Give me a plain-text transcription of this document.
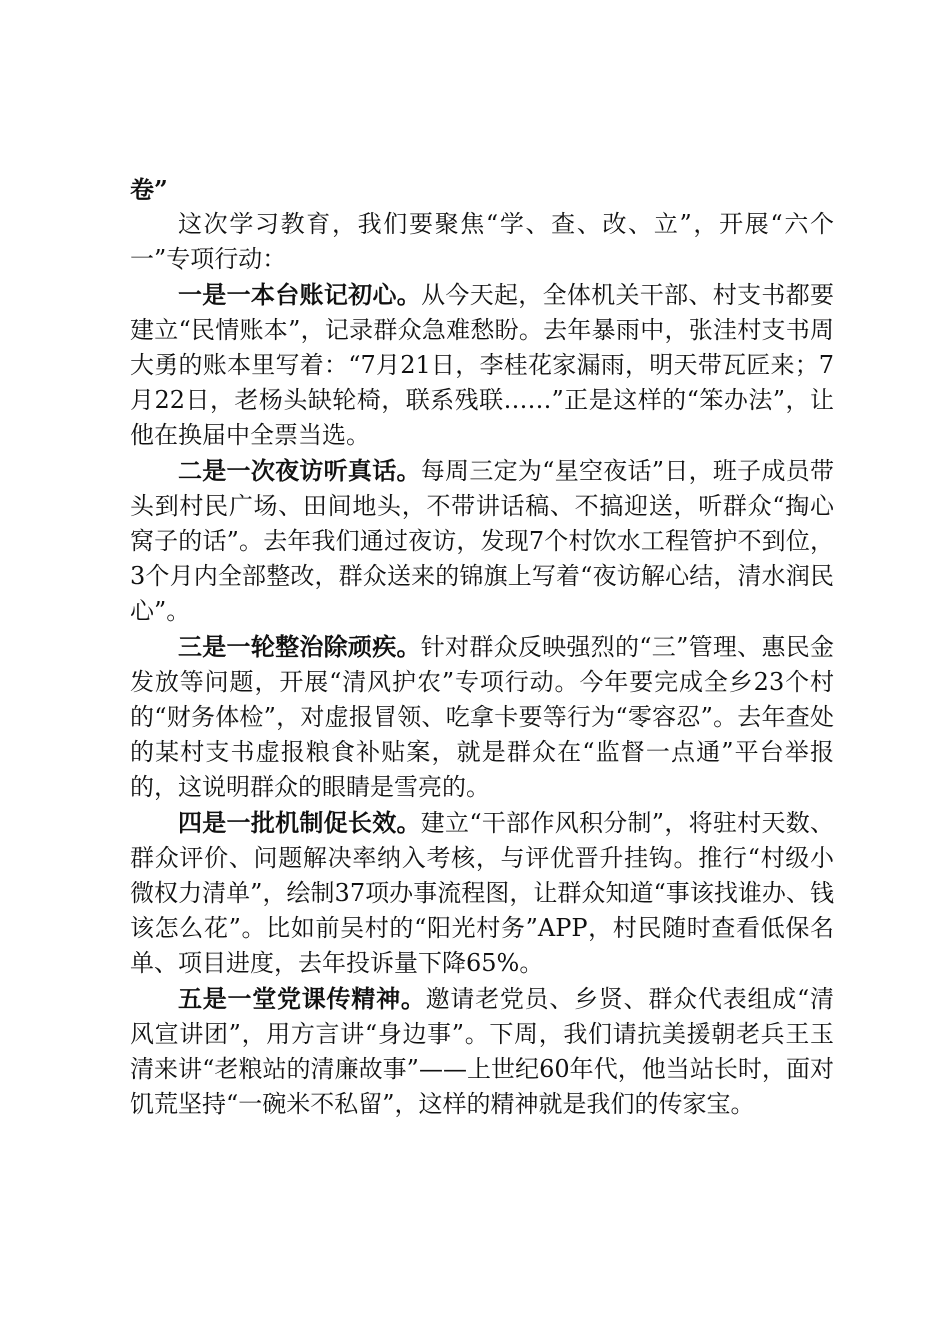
卷”

这次学习教育，我们要聚焦“学、查、改、立”，开展“六个一”专项行动：

一是一本台账记初心。从今天起，全体机关干部、村支书都要建立“民情账本”，记录群众急难愁盼。去年暴雨中，张洼村支书周大勇的账本里写着：“7月21日，李桂花家漏雨，明天带瓦匠来；7月22日，老杨头缺轮椅，联系残联……”正是这样的“笨办法”，让他在换届中全票当选。

二是一次夜访听真话。每周三定为“星空夜话”日，班子成员带头到村民广场、田间地头，不带讲话稿、不搞迎送，听群众“掏心窝子的话”。去年我们通过夜访，发现7个村饮水工程管护不到位，3个月内全部整改，群众送来的锦旗上写着“夜访解心结，清水润民心”。

三是一轮整治除顽疾。针对群众反映强烈的“三”管理、惠民金发放等问题，开展“清风护农”专项行动。今年要完成全乡23个村的“财务体检”，对虚报冒领、吃拿卡要等行为“零容忍”。去年查处的某村支书虚报粮食补贴案，就是群众在“监督一点通”平台举报的，这说明群众的眼睛是雪亮的。

四是一批机制促长效。建立“干部作风积分制”，将驻村天数、群众评价、问题解决率纳入考核，与评优晋升挂钩。推行“村级小微权力清单”，绘制37项办事流程图，让群众知道“事该找谁办、钱该怎么花”。比如前吴村的“阳光村务”APP，村民随时查看低保名单、项目进度，去年投诉量下降65%。

五是一堂党课传精神。邀请老党员、乡贤、群众代表组成“清风宣讲团”，用方言讲“身边事”。下周，我们请抗美援朝老兵王玉清来讲“老粮站的清廉故事”——上世纪60年代，他当站长时，面对饥荒坚持“一碗米不私留”，这样的精神就是我们的传家宝。
